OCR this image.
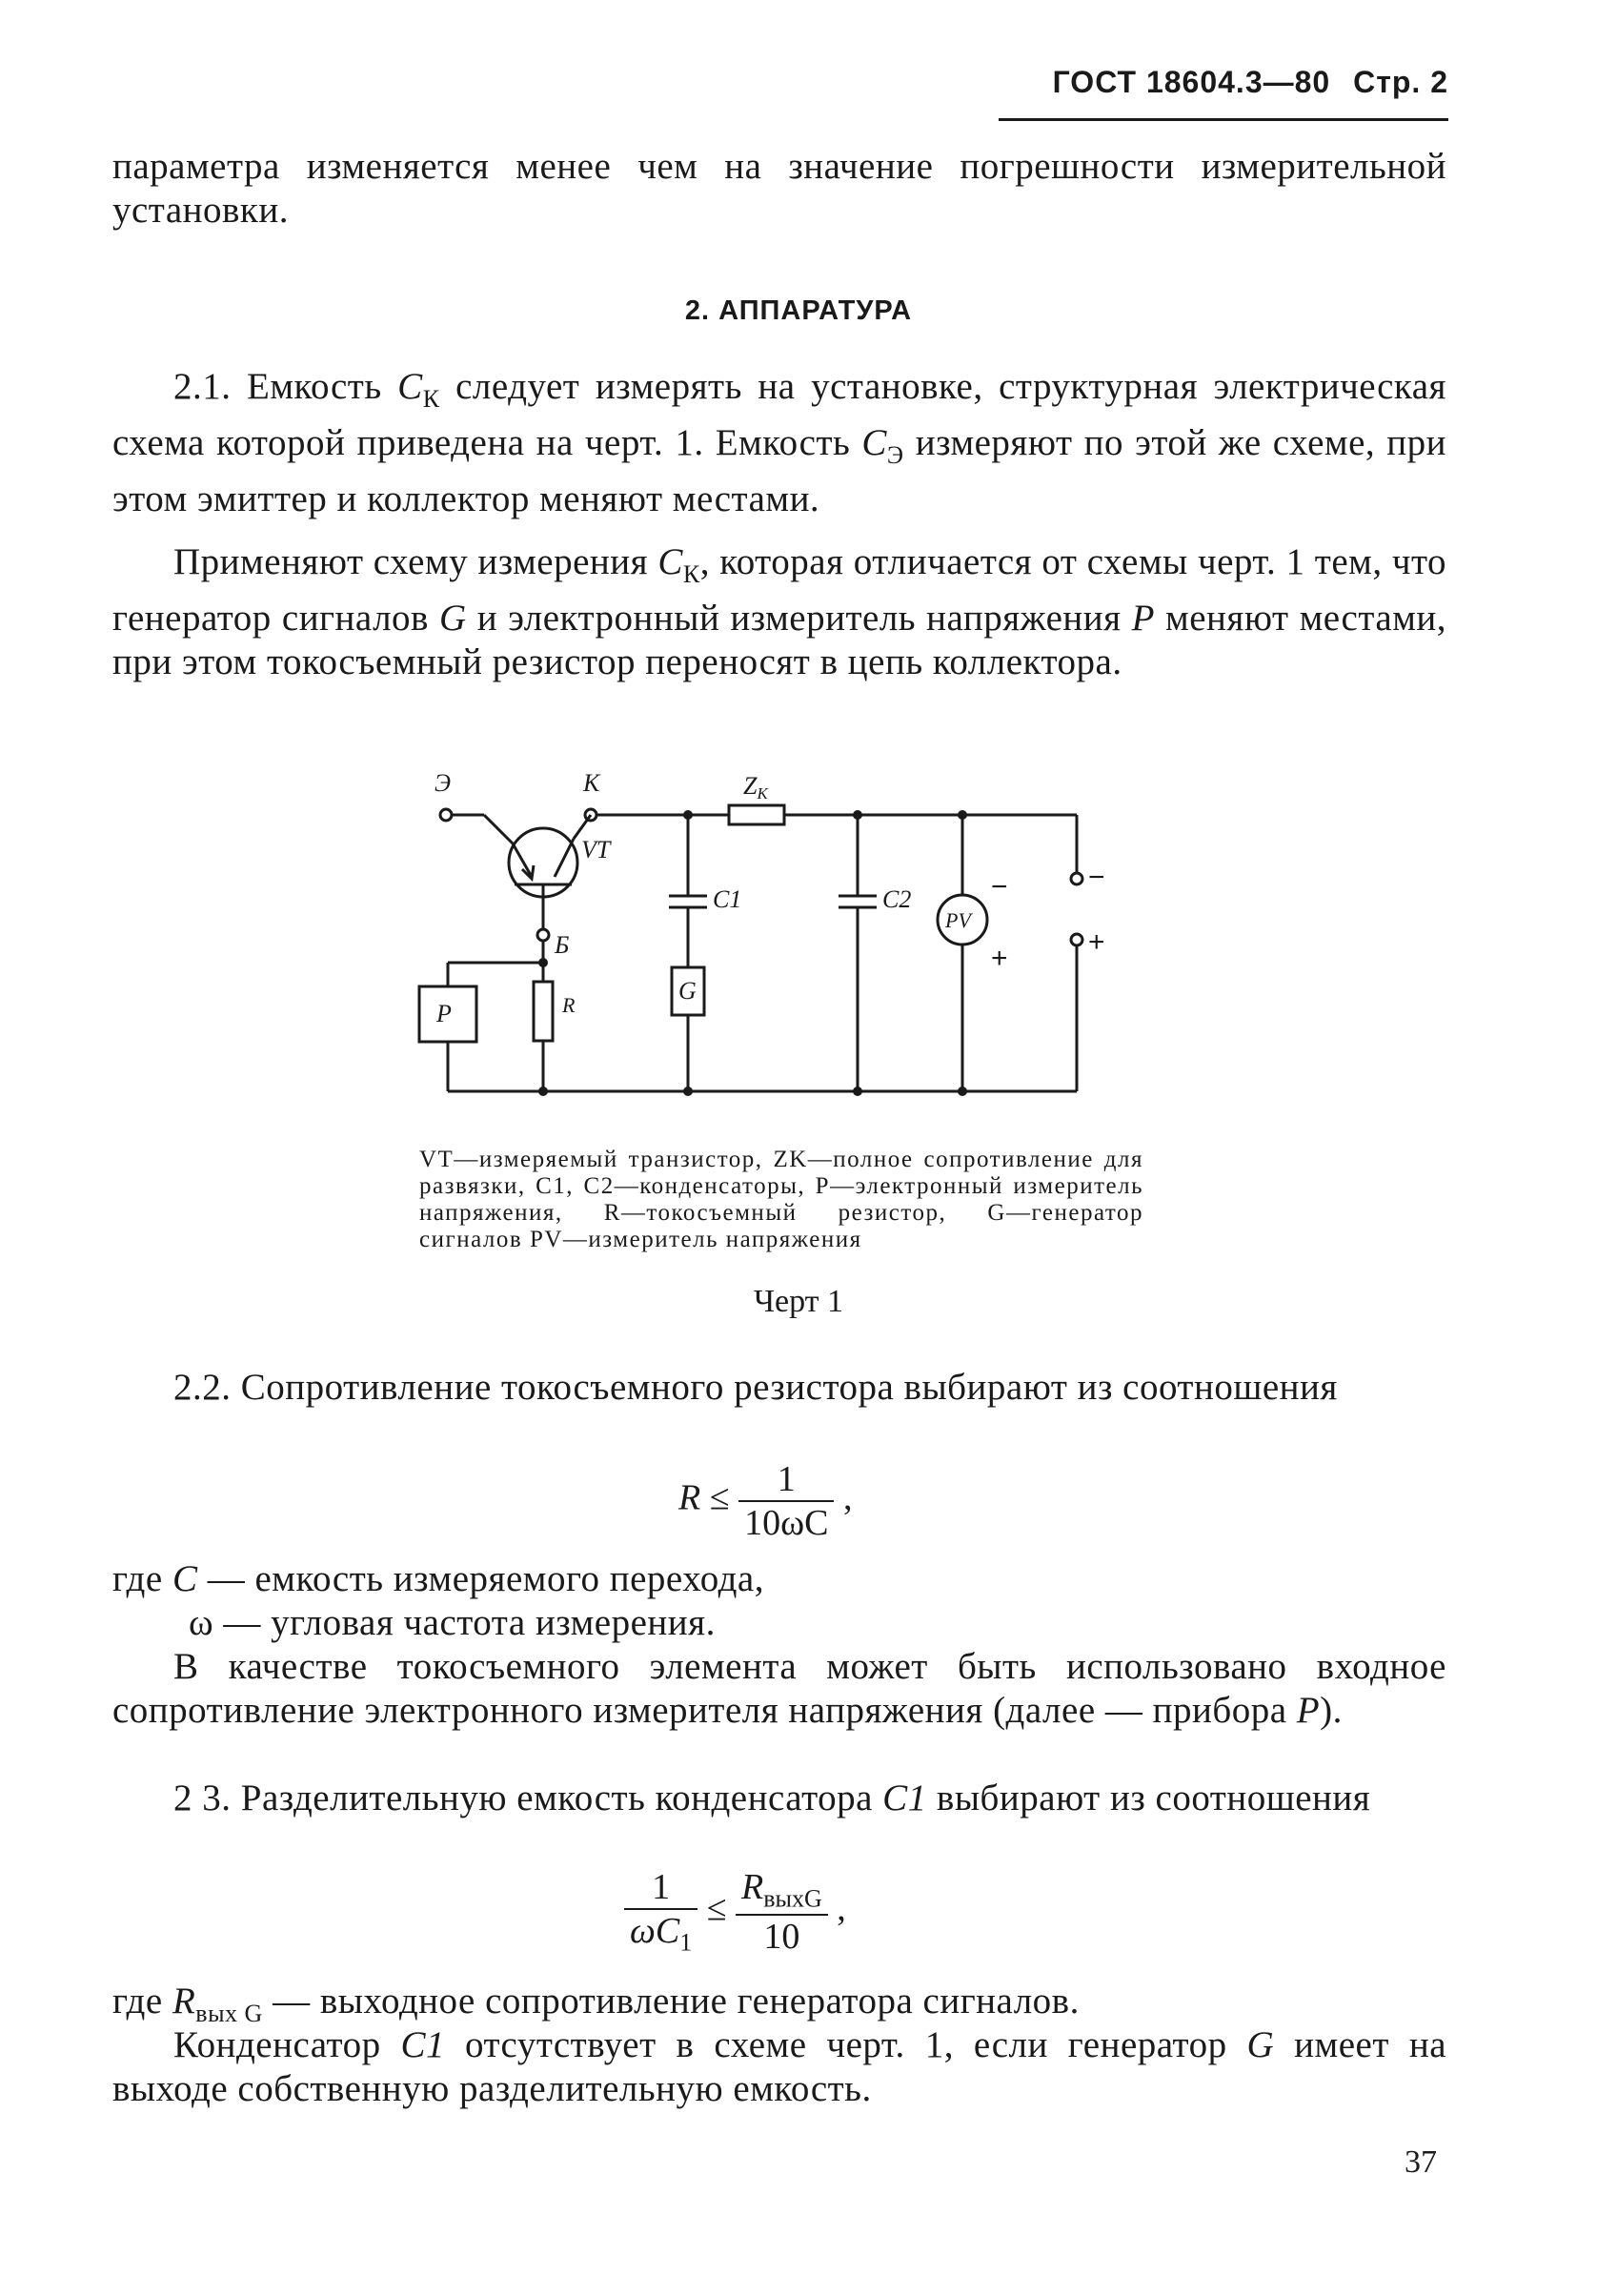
ГОСТ 18604.3—80 Стр. 2
параметра изменяется менее чем на значение погрешности измерительной установки.
2. АППАРАТУРА
2.1. Емкость $C_К$ следует измерять на установке, структурная электрическая схема которой приведена на черт. 1. Емкость $C_Э$ измеряют по этой же схеме, при этом эмиттер и коллектор меняют местами.
Применяют схему измерения $C_К$, которая отличается от схемы черт. 1 тем, что генератор сигналов G и электронный измеритель напряжения P меняют местами, при этом токосъемный резистор переносят в цепь коллектора.
Э	К	ZК
VT
C1	C2
Б
PV
R
P
G
−
+
−
+
VT—измеряемый транзистор, ZK—полное сопротивление для развязки, C1, C2—конденсаторы, P—электронный измеритель напряжения, R—токосъемный резистор, G—генератор сигналов PV—измеритель напряжения
Черт 1
2.2. Сопротивление токосъемного резистора выбирают из соотношения
$R \le \frac{1}{10\omega C}$ ,
где C — емкость измеряемого перехода,
ω — угловая частота измерения.
В качестве токосъемного элемента может быть использовано входное сопротивление электронного измерителя напряжения (далее — прибора P).
2 3. Разделительную емкость конденсатора C1 выбирают из соотношения
$\frac{1}{\omega C_1} \le \frac{R_{выхG}}{10}$ ,
где $R_{вых G}$ — выходное сопротивление генератора сигналов.
Конденсатор C1 отсутствует в схеме черт. 1, если генератор G имеет на выходе собственную разделительную емкость.
37
